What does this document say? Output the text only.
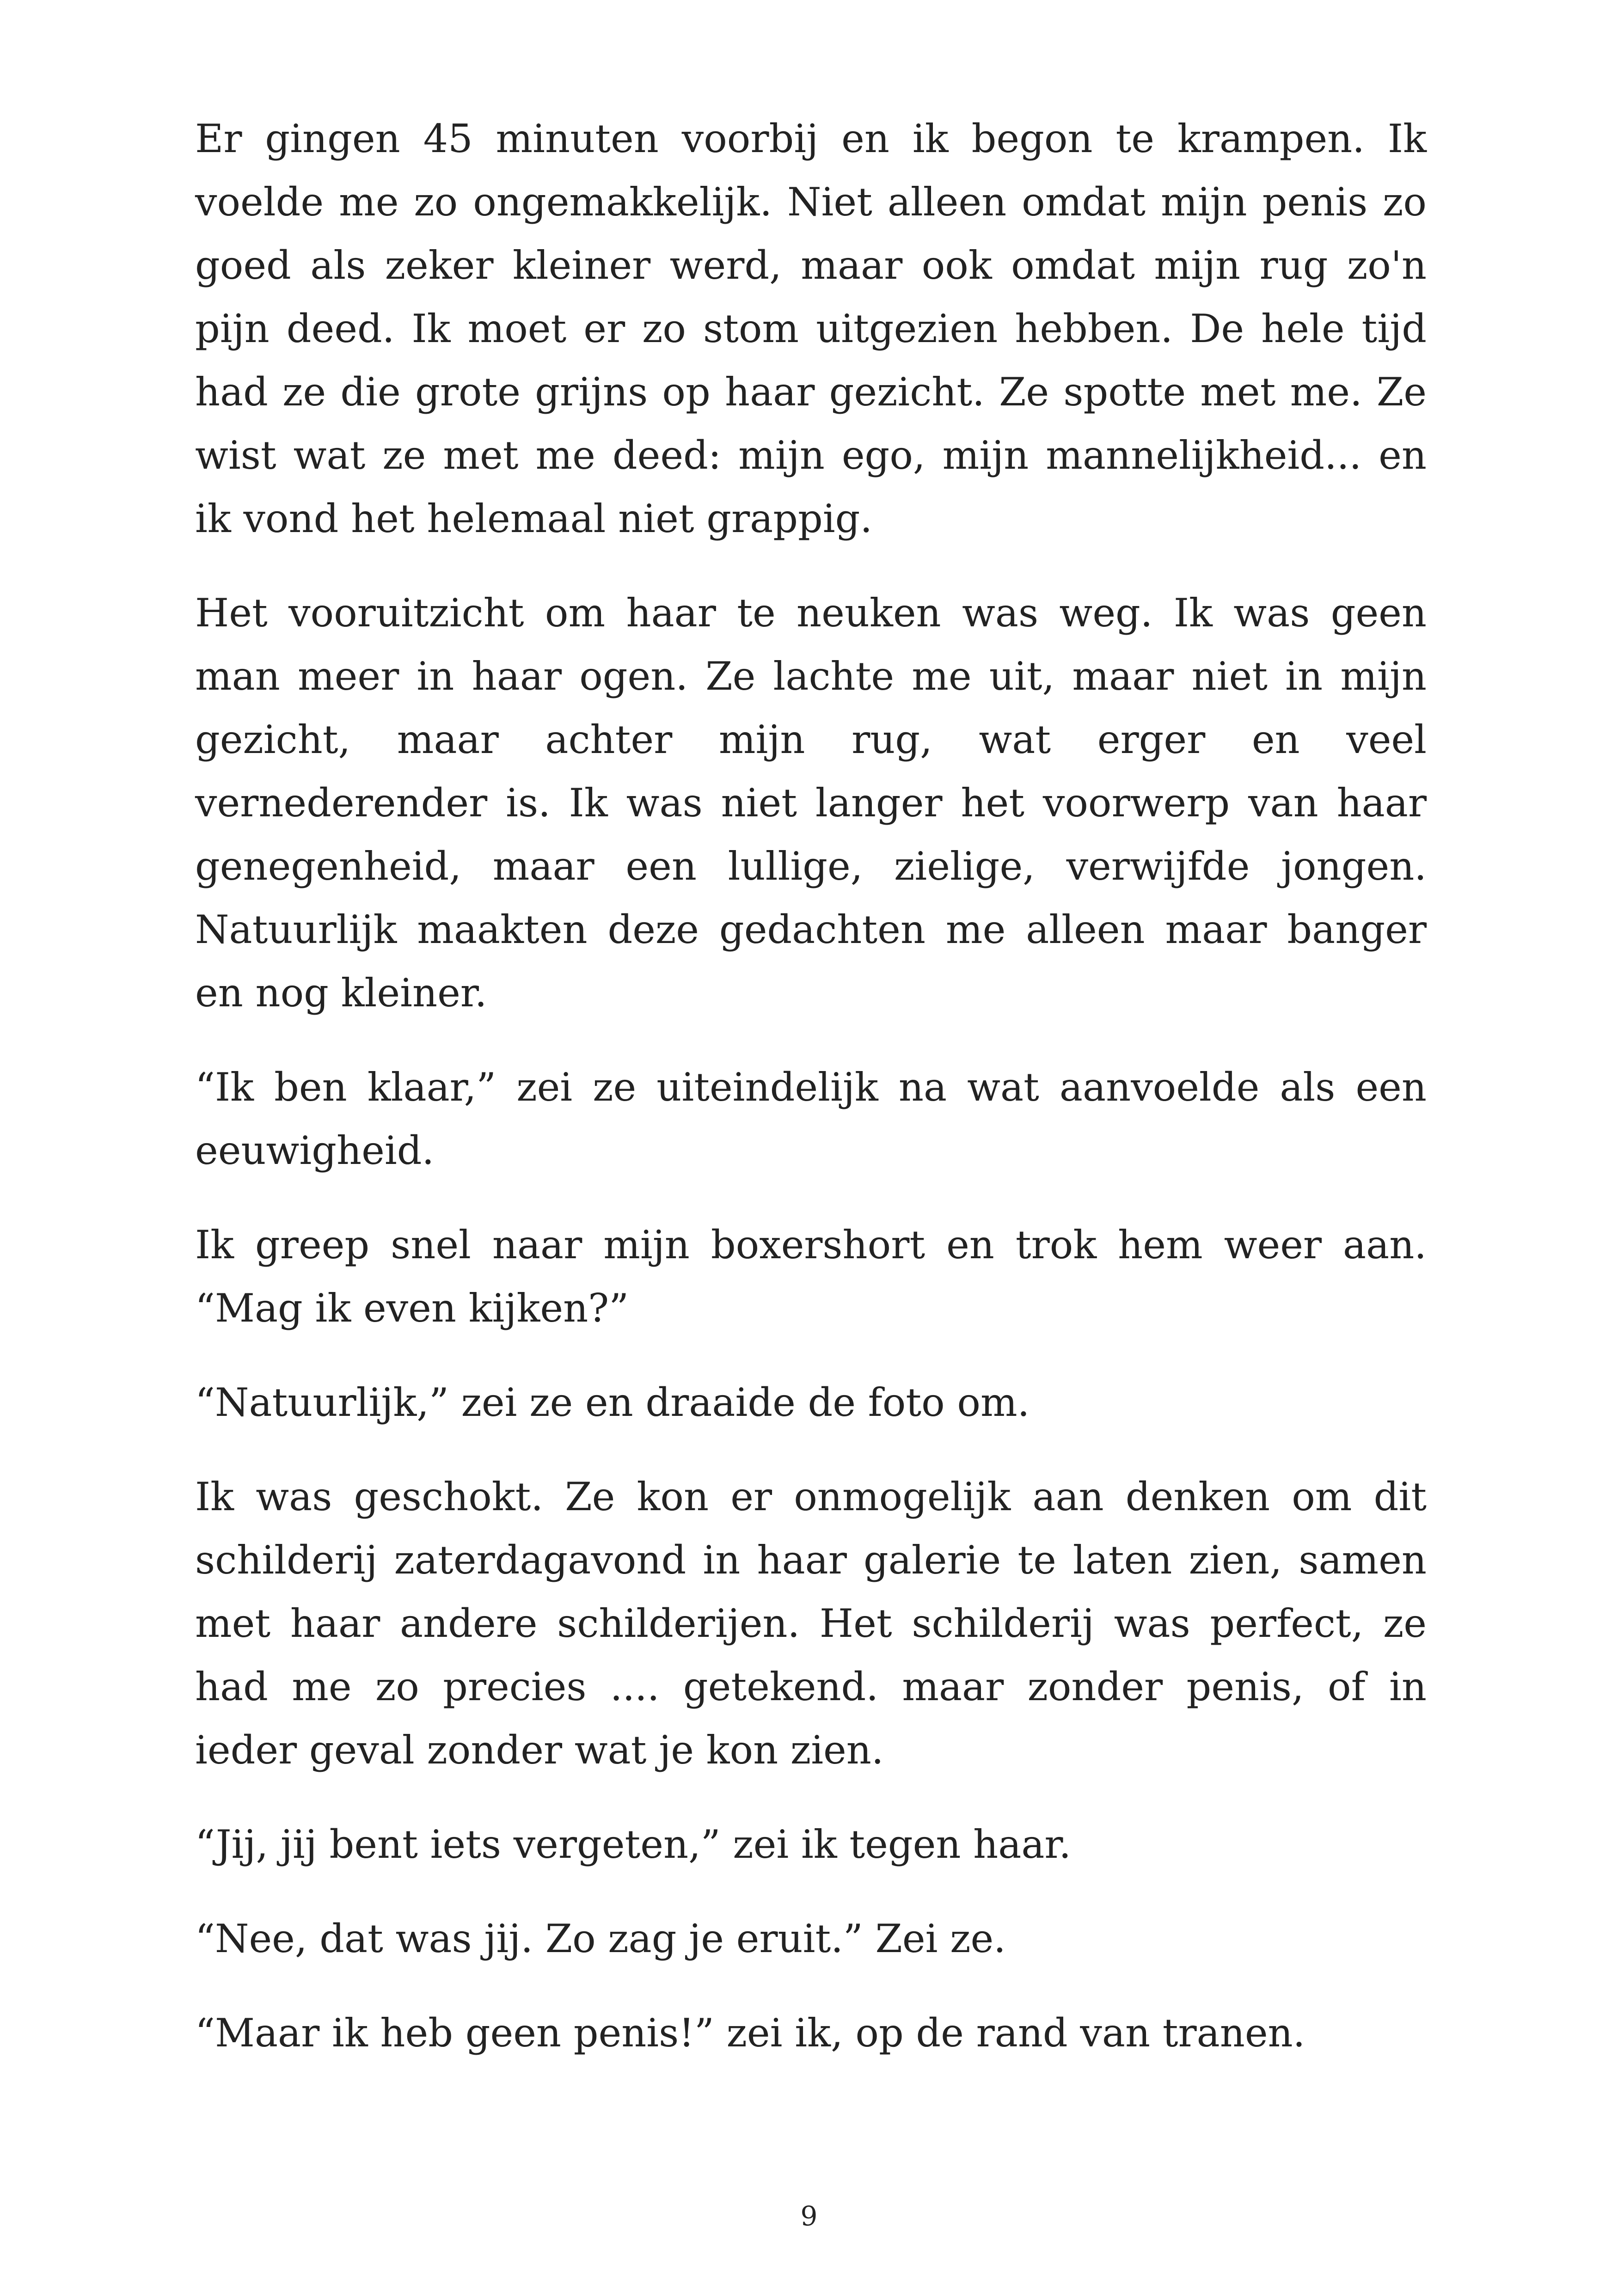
Er gingen 45 minuten voorbij en ik begon te krampen. Ik voelde me zo ongemakkelijk. Niet alleen omdat mijn penis zo goed als zeker kleiner werd, maar ook omdat mijn rug zo'n pijn deed. Ik moet er zo stom uitgezien hebben. De hele tijd had ze die grote grijns op haar gezicht. Ze spotte met me. Ze wist wat ze met me deed: mijn ego, mijn mannelijkheid... en ik vond het helemaal niet grappig.

Het vooruitzicht om haar te neuken was weg. Ik was geen man meer in haar ogen. Ze lachte me uit, maar niet in mijn gezicht, maar achter mijn rug, wat erger en veel vernederender is. Ik was niet langer het voorwerp van haar genegenheid, maar een lullige, zielige, verwijfde jongen. Natuurlijk maakten deze gedachten me alleen maar banger en nog kleiner.

“Ik ben klaar,” zei ze uiteindelijk na wat aanvoelde als een eeuwigheid.

Ik greep snel naar mijn boxershort en trok hem weer aan. “Mag ik even kijken?”

“Natuurlijk,” zei ze en draaide de foto om.

Ik was geschokt. Ze kon er onmogelijk aan denken om dit schilderij zaterdagavond in haar galerie te laten zien, samen met haar andere schilderijen. Het schilderij was perfect, ze had me zo precies .... getekend. maar zonder penis, of in ieder geval zonder wat je kon zien.

“Jij, jij bent iets vergeten,” zei ik tegen haar.

“Nee, dat was jij. Zo zag je eruit.” Zei ze.

“Maar ik heb geen penis!” zei ik, op de rand van tranen.

9
